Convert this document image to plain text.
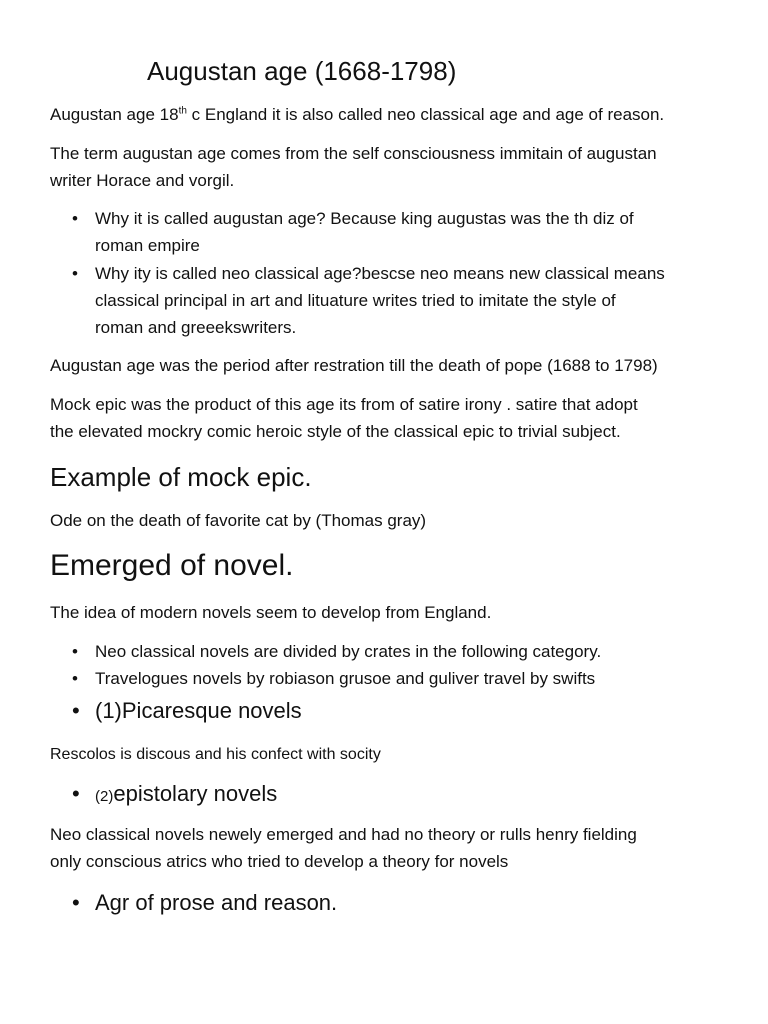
Augustan age (1668-1798)
Augustan age 18th c England it is also called neo classical age and age of reason.
The term augustan age comes from the self consciousness immitain of augustan
writer Horace and vorgil.
• Why it is called augustan age? Because king augustas was the th diz of
roman empire
• Why ity is called neo classical age?bescse neo means new classical means
classical principal in art and lituature writes tried to imitate the style of
roman and greeekswriters.
Augustan age was the period after restration till the death of pope (1688 to 1798)
Mock epic was the product of this age its from of satire irony . satire that adopt
the elevated mockry comic heroic style of the classical epic to trivial subject.
Example of mock epic.
Ode on the death of favorite cat by (Thomas gray)
Emerged of novel.
The idea of modern novels seem to develop from England.
• Neo classical novels are divided by crates in the following category.
• Travelogues novels by robiason grusoe and guliver travel by swifts
• (1)Picaresque novels
Rescolos is discous and his confect with socity
• (2)epistolary novels
Neo classical novels newely emerged and had no theory or rulls henry fielding
only conscious atrics who tried to develop a theory for novels
• Agr of prose and reason.
